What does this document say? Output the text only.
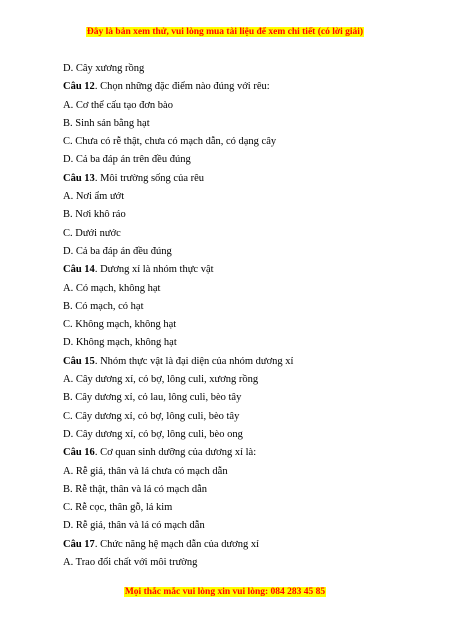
Đây là bản xem thử, vui lòng mua tài liệu để xem chi tiết (có lời giải)
D. Cây xương rồng
Câu 12. Chọn những đặc điểm nào đúng với rêu:
A. Cơ thể cấu tạo đơn bào
B. Sinh sản bằng hạt
C. Chưa có rễ thật, chưa có mạch dẫn, có dạng cây
D. Cả ba đáp án trên đều đúng
Câu 13. Môi trường sống của rêu
A. Nơi ẩm ướt
B. Nơi khô ráo
C. Dưới nước
D. Cả ba đáp án đều đúng
Câu 14. Dương xỉ là nhóm thực vật
A. Có mạch, không hạt
B. Có mạch, có hạt
C. Không mạch, không hạt
D. Không mạch, không hạt
Câu 15. Nhóm thực vật là đại diện của nhóm dương xỉ
A. Cây dương xỉ, cỏ bợ, lông culi, xương rồng
B. Cây dương xỉ, cỏ lau, lông culi, bèo tây
C. Cây dương xỉ, cỏ bợ, lông culi, bèo tây
D. Cây dương xỉ, cỏ bợ, lông culi, bèo ong
Câu 16. Cơ quan sinh dưỡng của dương xỉ là:
A. Rễ giả, thân và lá chưa có mạch dẫn
B. Rễ thật, thân và lá có mạch dẫn
C. Rễ cọc, thân gỗ, lá kim
D. Rễ giả, thân và lá có mạch dẫn
Câu 17. Chức năng hệ mạch dẫn của dương xỉ
A. Trao đổi chất với môi trường
Mọi thắc mắc vui lòng xin vui lòng: 084 283 45 85
